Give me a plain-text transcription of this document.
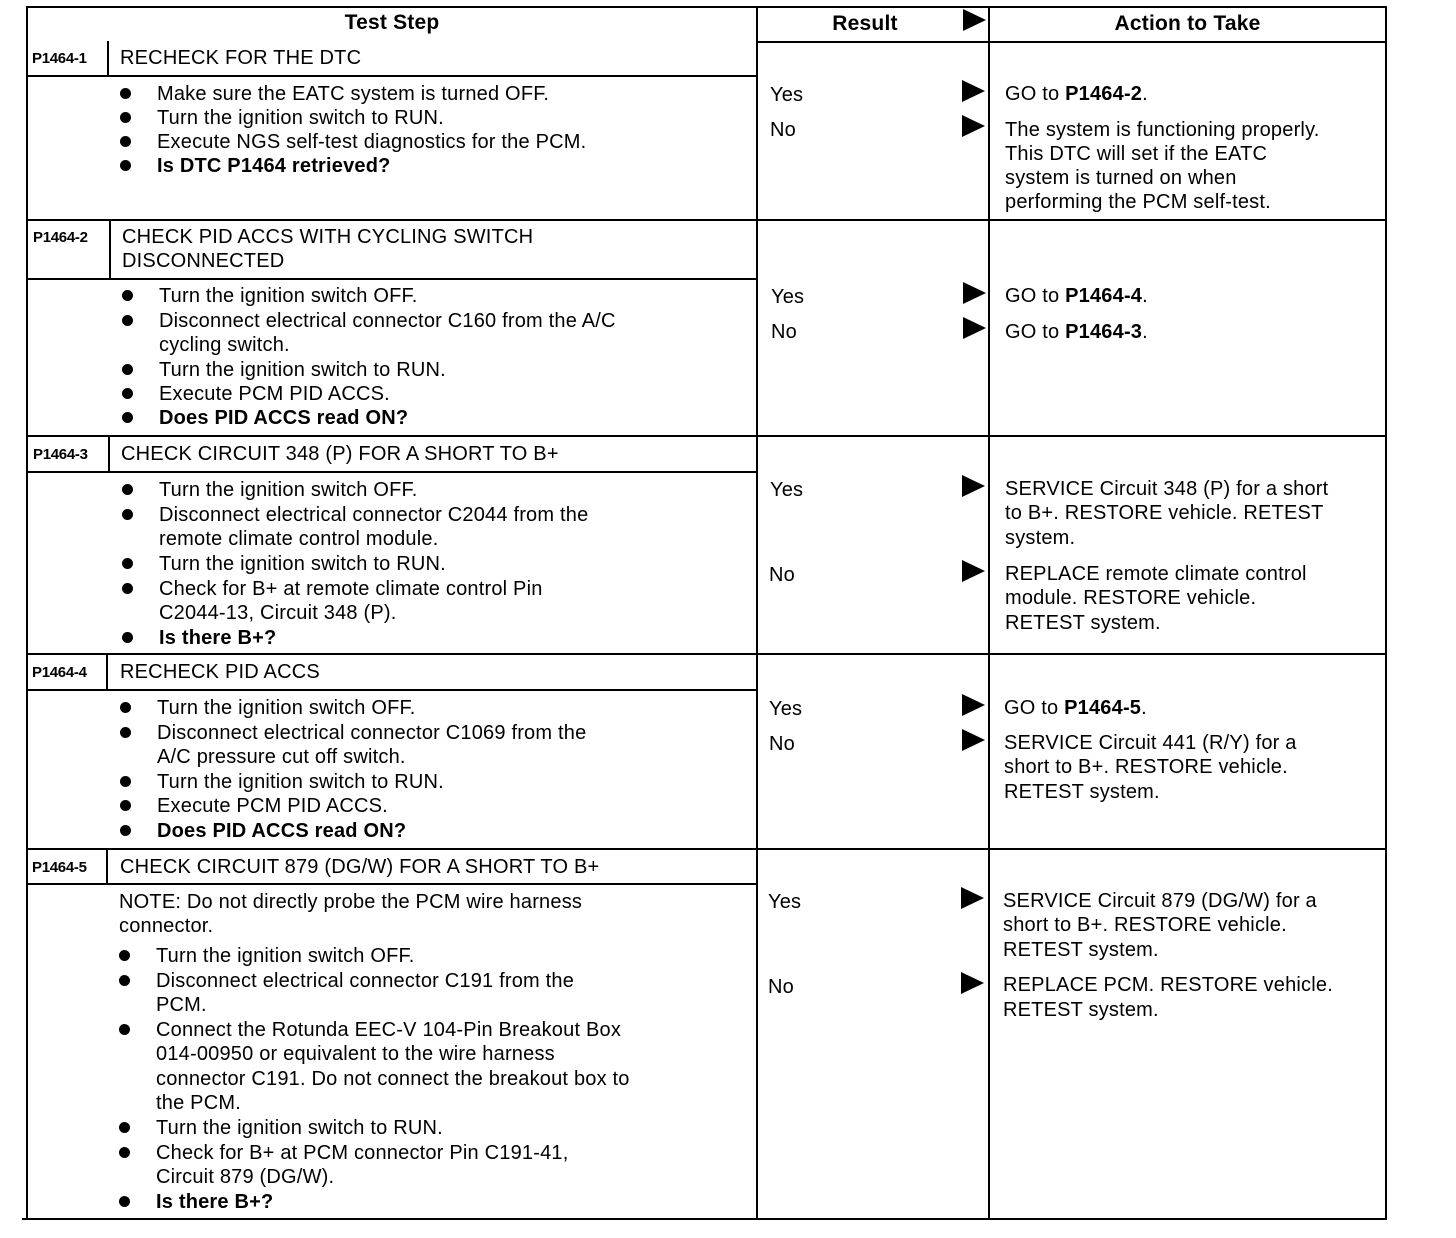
Test Step	Result	Action to Take
P1464-1 RECHECK FOR THE DTC
Make sure the EATC system is turned OFF.
Turn the ignition switch to RUN.
Execute NGS self-test diagnostics for the PCM.
Is DTC P1464 retrieved?
Yes	GO to P1464-2.
No	The system is functioning properly.
This DTC will set if the EATC
system is turned on when
performing the PCM self-test.
P1464-2 CHECK PID ACCS WITH CYCLING SWITCH
DISCONNECTED
Turn the ignition switch OFF.
Disconnect electrical connector C160 from the A/C
cycling switch.
Turn the ignition switch to RUN.
Execute PCM PID ACCS.
Does PID ACCS read ON?
Yes	GO to P1464-4.
No	GO to P1464-3.
P1464-3 CHECK CIRCUIT 348 (P) FOR A SHORT TO B+
Turn the ignition switch OFF.
Disconnect electrical connector C2044 from the
remote climate control module.
Turn the ignition switch to RUN.
Check for B+ at remote climate control Pin
C2044-13, Circuit 348 (P).
Is there B+?
Yes	SERVICE Circuit 348 (P) for a short
to B+. RESTORE vehicle. RETEST
system.
No	REPLACE remote climate control
module. RESTORE vehicle.
RETEST system.
P1464-4 RECHECK PID ACCS
Turn the ignition switch OFF.
Disconnect electrical connector C1069 from the
A/C pressure cut off switch.
Turn the ignition switch to RUN.
Execute PCM PID ACCS.
Does PID ACCS read ON?
Yes	GO to P1464-5.
No	SERVICE Circuit 441 (R/Y) for a
short to B+. RESTORE vehicle.
RETEST system.
P1464-5 CHECK CIRCUIT 879 (DG/W) FOR A SHORT TO B+
NOTE: Do not directly probe the PCM wire harness
connector.
Turn the ignition switch OFF.
Disconnect electrical connector C191 from the
PCM.
Connect the Rotunda EEC-V 104-Pin Breakout Box
014-00950 or equivalent to the wire harness
connector C191. Do not connect the breakout box to
the PCM.
Turn the ignition switch to RUN.
Check for B+ at PCM connector Pin C191-41,
Circuit 879 (DG/W).
Is there B+?
Yes	SERVICE Circuit 879 (DG/W) for a
short to B+. RESTORE vehicle.
RETEST system.
No	REPLACE PCM. RESTORE vehicle.
RETEST system.
